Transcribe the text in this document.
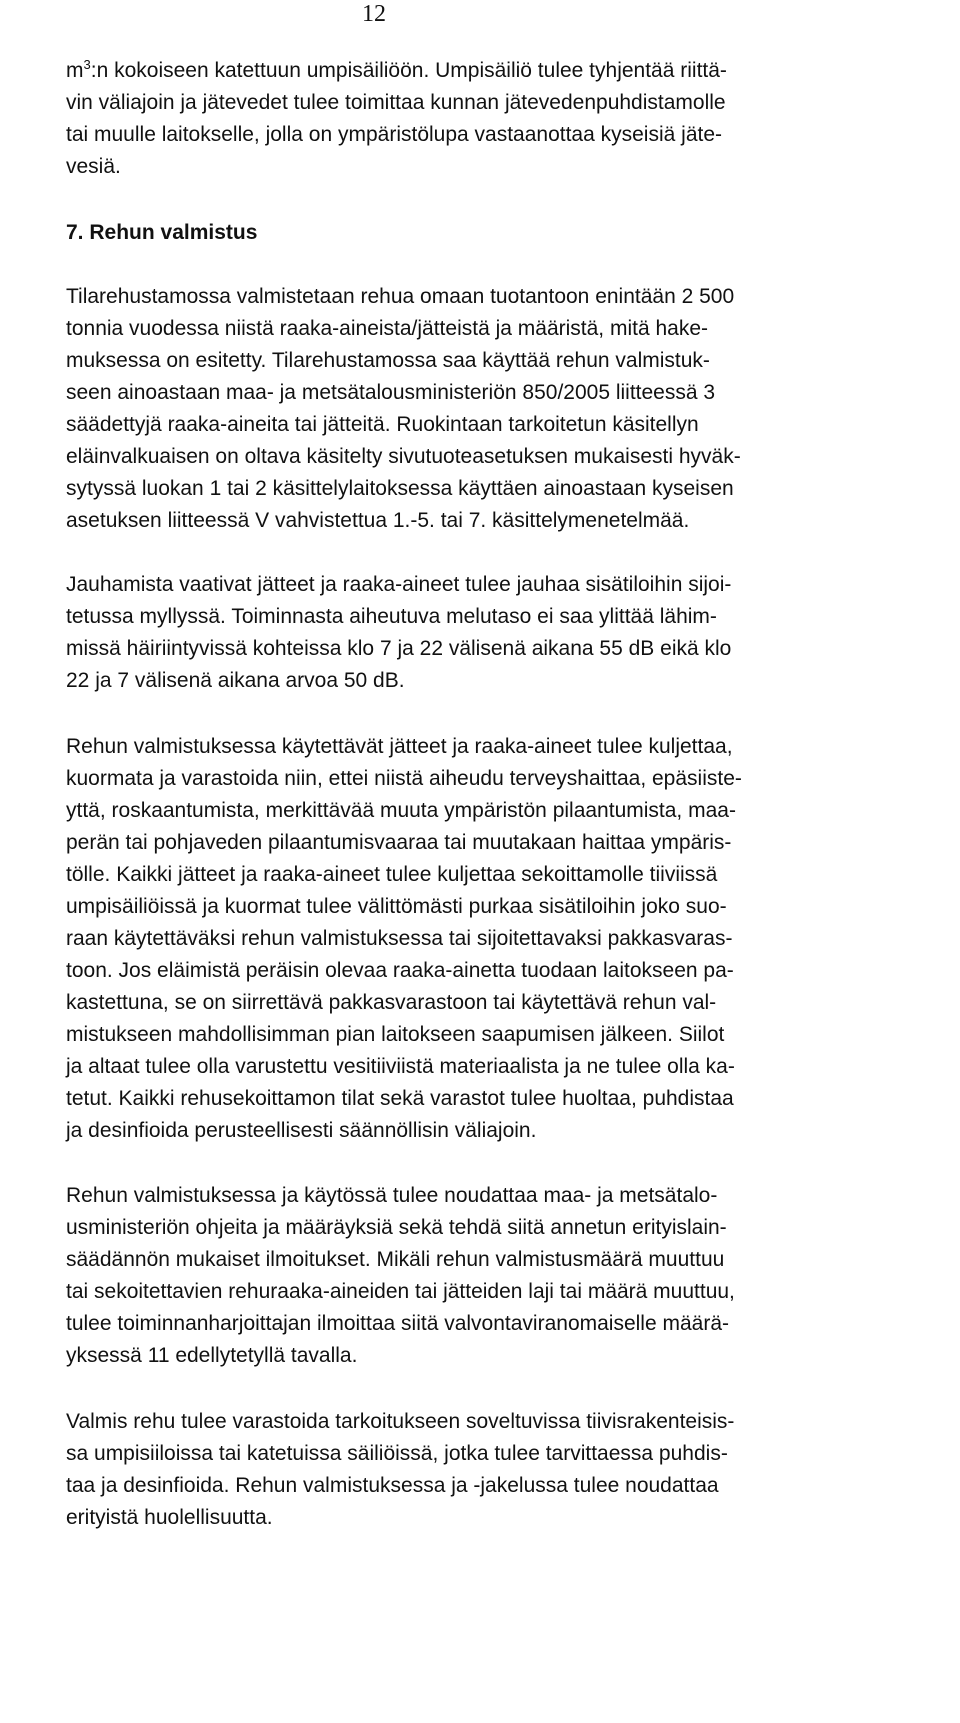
12
$m^3:n$ kokoiseen katettuun umpisäiliöön. Umpisäiliö tulee tyhjentää riittä-
vin väliajoin ja jätevedet tulee toimittaa kunnan jätevedenpuhdistamolle
tai muulle laitokselle, jolla on ympäristölupa vastaanottaa kyseisiä jäte-
vesiä.
7. Rehun valmistus
Tilarehustamossa valmistetaan rehua omaan tuotantoon enintään 2 500
tonnia vuodessa niistä raaka-aineista/jätteistä ja määristä, mitä hake-
muksessa on esitetty. Tilarehustamossa saa käyttää rehun valmistuk-
seen ainoastaan maa- ja metsätalousministeriön 850/2005 liitteessä 3
säädettyjä raaka-aineita tai jätteitä. Ruokintaan tarkoitetun käsitellyn
eläinvalkuaisen on oltava käsitelty sivutuoteasetuksen mukaisesti hyväk-
sytyssä luokan 1 tai 2 käsittelylaitoksessa käyttäen ainoastaan kyseisen
asetuksen liitteessä V vahvistettua 1.-5. tai 7. käsittelymenetelmää.
Jauhamista vaativat jätteet ja raaka-aineet tulee jauhaa sisätiloihin sijoi-
tetussa myllyssä. Toiminnasta aiheutuva melutaso ei saa ylittää lähim-
missä häiriintyvissä kohteissa klo 7 ja 22 välisenä aikana 55 dB eikä klo
22 ja 7 välisenä aikana arvoa 50 dB.
Rehun valmistuksessa käytettävät jätteet ja raaka-aineet tulee kuljettaa,
kuormata ja varastoida niin, ettei niistä aiheudu terveyshaittaa, epäsiiste-
yttä, roskaantumista, merkittävää muuta ympäristön pilaantumista, maa-
perän tai pohjaveden pilaantumisvaaraa tai muutakaan haittaa ympäris-
tölle. Kaikki jätteet ja raaka-aineet tulee kuljettaa sekoittamolle tiiviissä
umpisäiliöissä ja kuormat tulee välittömästi purkaa sisätiloihin joko suo-
raan käytettäväksi rehun valmistuksessa tai sijoitettavaksi pakkasvaras-
toon. Jos eläimistä peräisin olevaa raaka-ainetta tuodaan laitokseen pa-
kastettuna, se on siirrettävä pakkasvarastoon tai käytettävä rehun val-
mistukseen mahdollisimman pian laitokseen saapumisen jälkeen. Siilot
ja altaat tulee olla varustettu vesitiiviistä materiaalista ja ne tulee olla ka-
tetut. Kaikki rehusekoittamon tilat sekä varastot tulee huoltaa, puhdistaa
ja desinfioida perusteellisesti säännöllisin väliajoin.
Rehun valmistuksessa ja käytössä tulee noudattaa maa- ja metsätalo-
usministeriön ohjeita ja määräyksiä sekä tehdä siitä annetun erityislain-
säädännön mukaiset ilmoitukset. Mikäli rehun valmistusmäärä muuttuu
tai sekoitettavien rehuraaka-aineiden tai jätteiden laji tai määrä muuttuu,
tulee toiminnanharjoittajan ilmoittaa siitä valvontaviranomaiselle määrä-
yksessä 11 edellytetyllä tavalla.
Valmis rehu tulee varastoida tarkoitukseen soveltuvissa tiivisrakenteisis-
sa umpisiiloissa tai katetuissa säiliöissä, jotka tulee tarvittaessa puhdis-
taa ja desinfioida. Rehun valmistuksessa ja -jakelussa tulee noudattaa
erityistä huolellisuutta.
